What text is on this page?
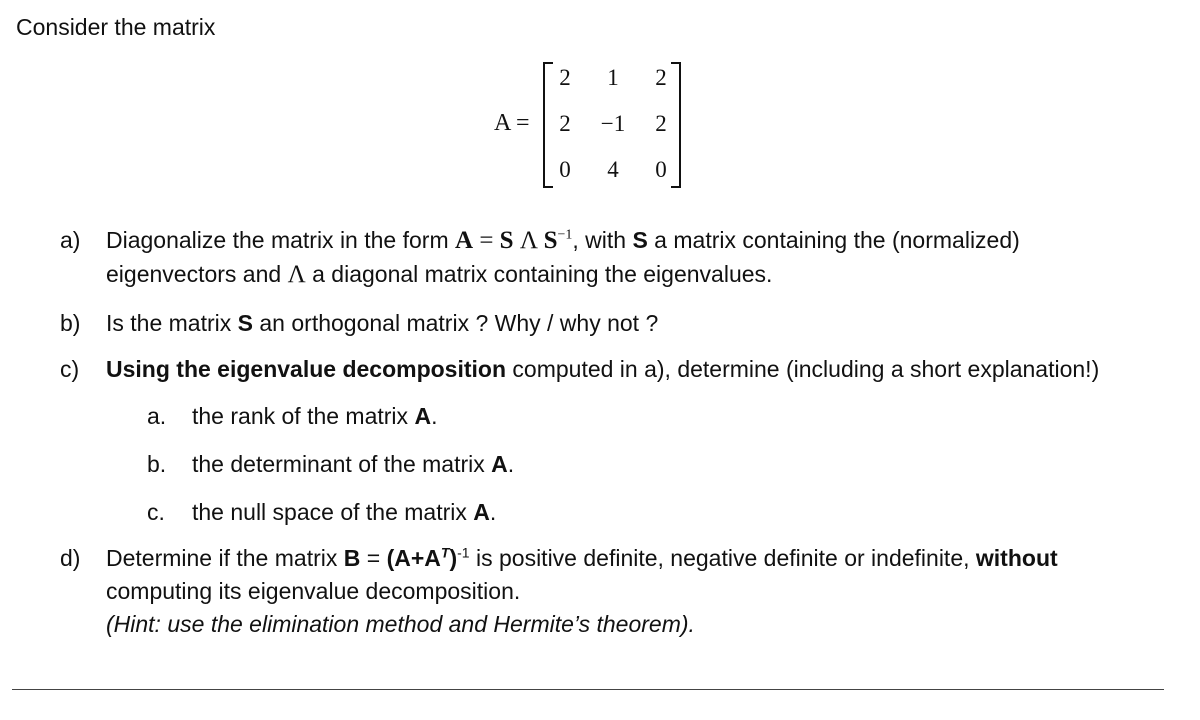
Consider the matrix
A =
2	1	2
2	−1	2
0	4	0
a) Diagonalize the matrix in the form A = S Λ $S^{-1}$, with S a matrix containing the (normalized)
eigenvectors and Λ a diagonal matrix containing the eigenvalues.
b) Is the matrix S an orthogonal matrix ? Why / why not ?
c) Using the eigenvalue decomposition computed in a), determine (including a short explanation!)
a. the rank of the matrix A.
b. the determinant of the matrix A.
c. the null space of the matrix A.
d) Determine if the matrix $B = (A+A^T)^{-1}$ is positive definite, negative definite or indefinite, without
computing its eigenvalue decomposition.
(Hint: use the elimination method and Hermite’s theorem).
